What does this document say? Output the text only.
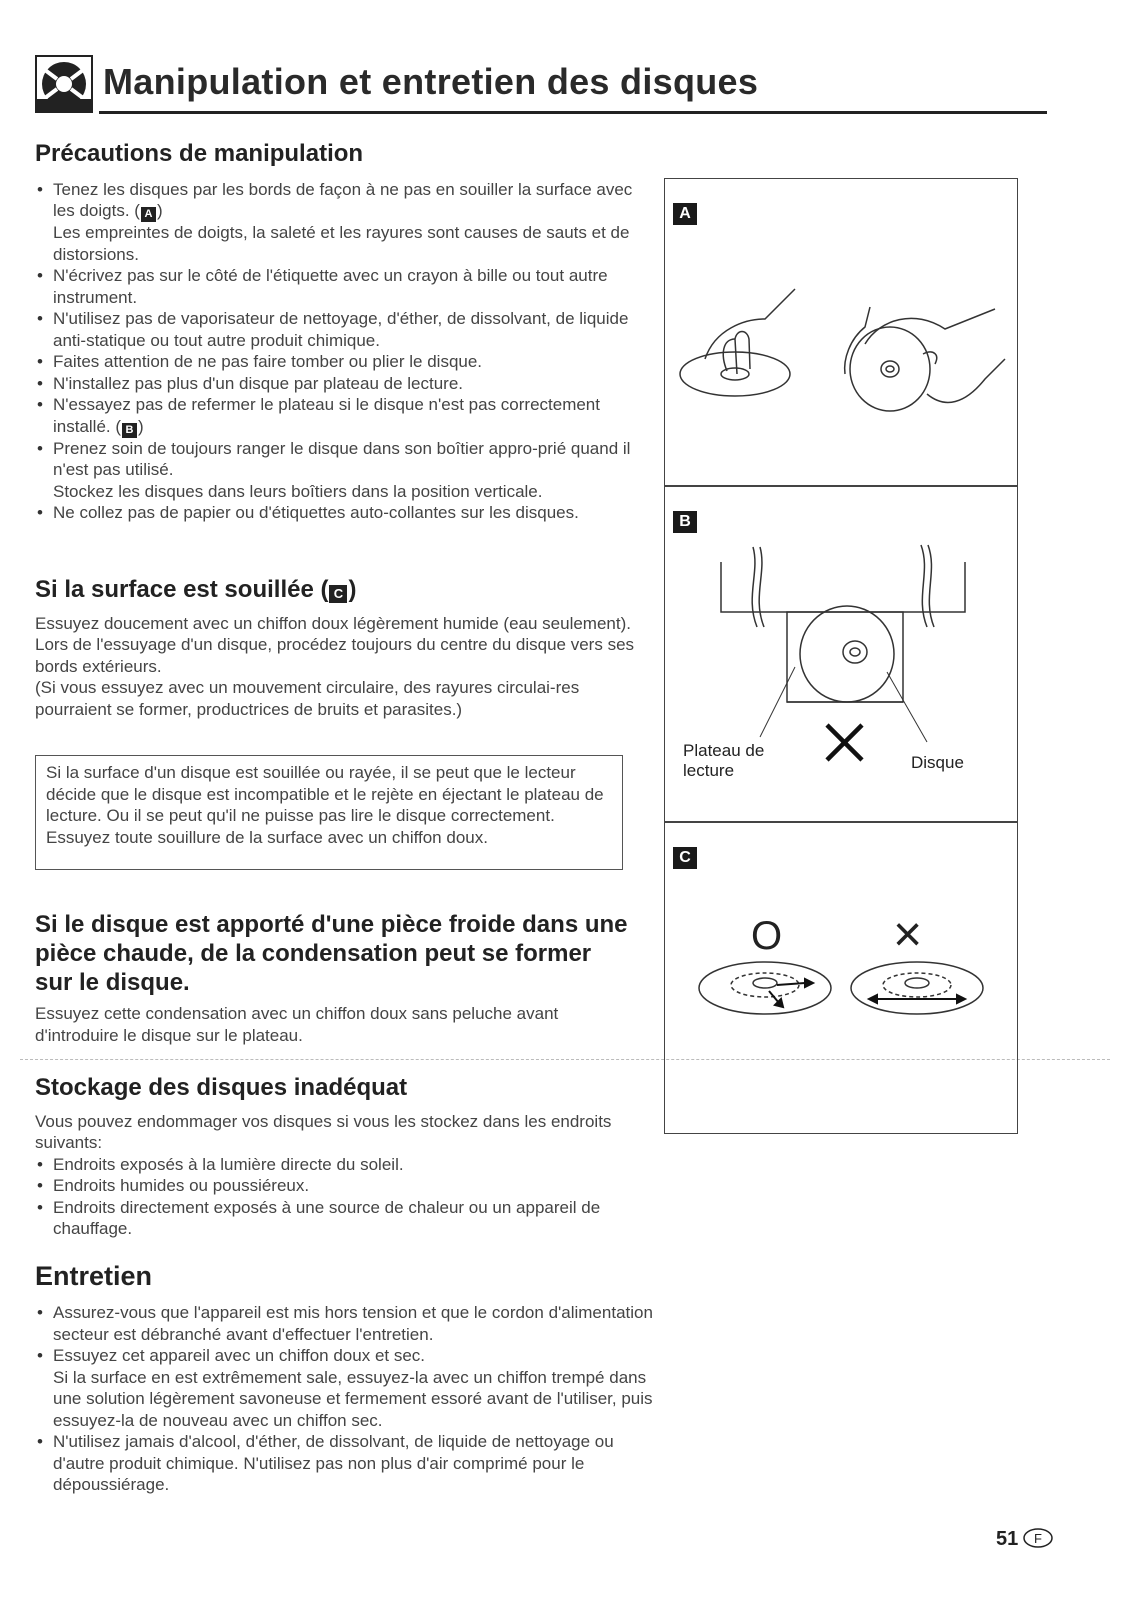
Manipulation et entretien des disques
Précautions de manipulation
• Tenez les disques par les bords de façon à ne pas en souiller la surface avec les doigts. ( A )
Les empreintes de doigts, la saleté et les rayures sont causes de sauts et de distorsions.
• N'écrivez pas sur le côté de l'étiquette avec un crayon à bille ou tout autre instrument.
• N'utilisez pas de vaporisateur de nettoyage, d'éther, de dissolvant, de liquide anti-statique ou tout autre produit chimique.
• Faites attention de ne pas faire tomber ou plier le disque.
• N'installez pas plus d'un disque par plateau de lecture.
• N'essayez pas de refermer le plateau si le disque n'est pas correctement installé. ( B )
• Prenez soin de toujours ranger le disque dans son boîtier appro-prié quand il n'est pas utilisé.
Stockez les disques dans leurs boîtiers dans la position verticale.
• Ne collez pas de papier ou d'étiquettes auto-collantes sur les disques.
Si la surface est souillée ( C )

Essuyez doucement avec un chiffon doux légèrement humide (eau seulement).

Lors de l'essuyage d'un disque, procédez toujours du centre du disque vers ses bords extérieurs.

(Si vous essuyez avec un mouvement circulaire, des rayures circulai-res pourraient se former, productrices de bruits et parasites.)

Si la surface d'un disque est souillée ou rayée, il se peut que le lecteur décide que le disque est incompatible et le rejète en éjectant le plateau de lecture. Ou il se peut qu'il ne puisse pas lire le disque correctement. Essuyez toute souillure de la surface avec un chiffon doux.

Si le disque est apporté d'une pièce froide dans une pièce chaude, de la condensation peut se former sur le disque.

Essuyez cette condensation avec un chiffon doux sans peluche avant d'introduire le disque sur le plateau.

Stockage des disques inadéquat

Vous pouvez endommager vos disques si vous les stockez dans les endroits suivants:

• Endroits exposés à la lumière directe du soleil.
• Endroits humides ou poussiéreux.
• Endroits directement exposés à une source de chaleur ou un appareil de chauffage.
Entretien
• Assurez-vous que l'appareil est mis hors tension et que le cordon d'alimentation secteur est débranché avant d'effectuer l'entretien.
• Essuyez cet appareil avec un chiffon doux et sec.
Si la surface en est extrêmement sale, essuyez-la avec un chiffon trempé dans une solution légèrement savoneuse et fermement essoré avant de l'utiliser, puis essuyez-la de nouveau avec un chiffon sec.
• N'utilisez jamais d'alcool, d'éther, de dissolvant, de liquide de nettoyage ou d'autre produit chimique. N'utilisez pas non plus d'air comprimé pour le dépoussiérage.
A
B
Plateau de lecture	Disque
C
O ×
51 F
